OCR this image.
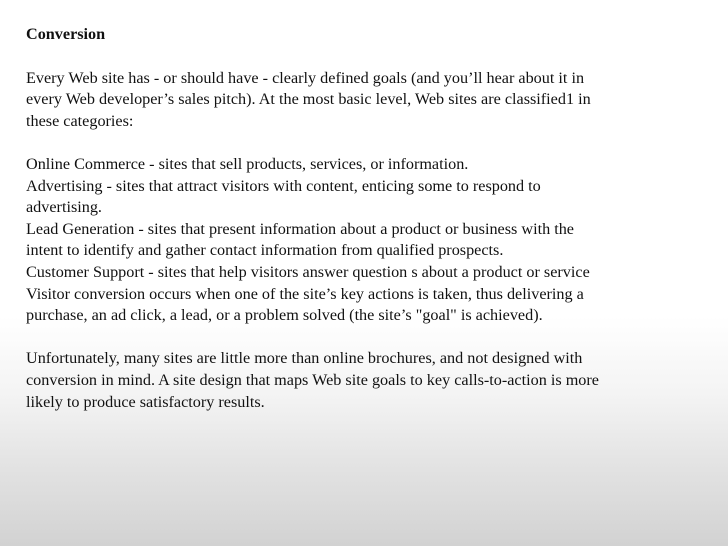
Conversion

Every Web site has - or should have - clearly defined goals (and you’ll hear about it in
every Web developer’s sales pitch). At the most basic level, Web sites are classified1 in
these categories:

Online Commerce - sites that sell products, services, or information.
Advertising - sites that attract visitors with content, enticing some to respond to
advertising.
Lead Generation - sites that present information about a product or business with the
intent to identify and gather contact information from qualified prospects.
Customer Support - sites that help visitors answer question s about a product or service
Visitor conversion occurs when one of the site’s key actions is taken, thus delivering a
purchase, an ad click, a lead, or a problem solved (the site’s "goal" is achieved).

Unfortunately, many sites are little more than online brochures, and not designed with
conversion in mind. A site design that maps Web site goals to key calls-to-action is more
likely to produce satisfactory results.
